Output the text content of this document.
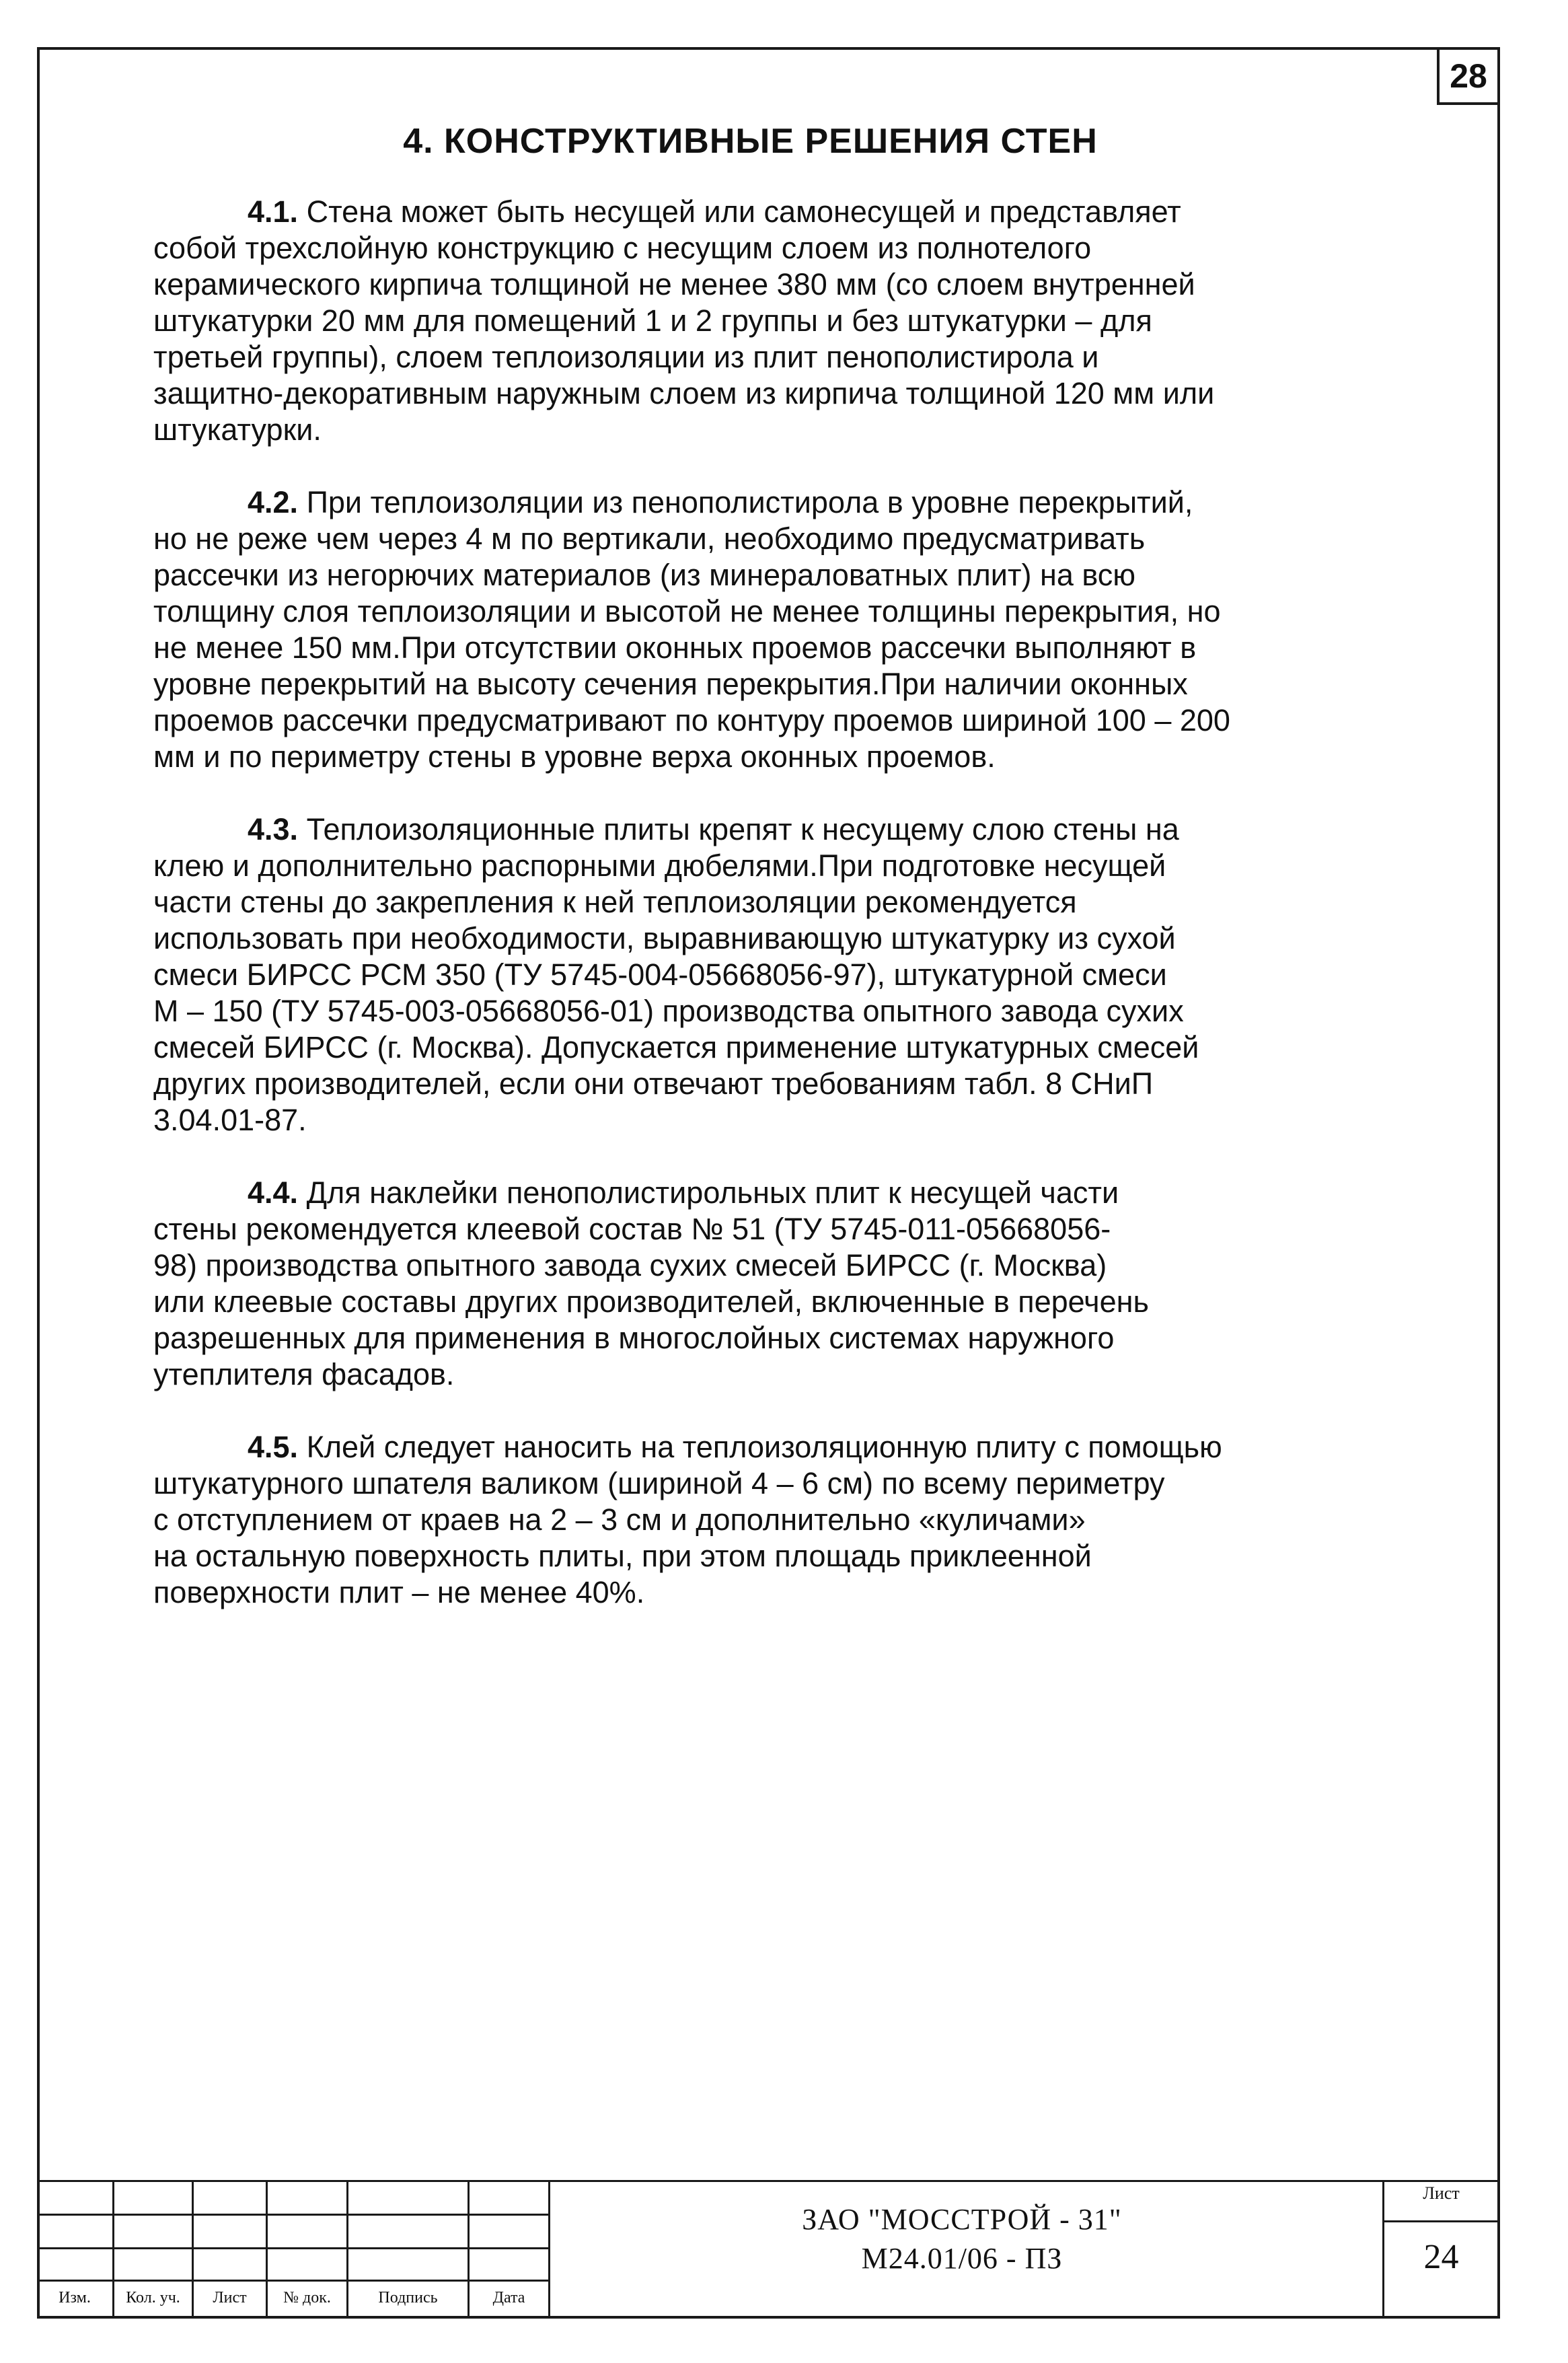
28
4. КОНСТРУКТИВНЫЕ РЕШЕНИЯ СТЕН
4.1. Стена может быть несущей или самонесущей и представляет
собой трехслойную конструкцию с несущим слоем из полнотелого
керамического кирпича толщиной не менее 380 мм (со слоем внутренней
штукатурки 20 мм для помещений 1 и 2 группы и без штукатурки – для
третьей группы), слоем теплоизоляции из плит пенополистирола и
защитно-декоративным наружным слоем из кирпича толщиной 120 мм или
штукатурки.
4.2. При теплоизоляции из пенополистирола в уровне перекрытий,
но не реже чем через 4 м по вертикали, необходимо предусматривать
рассечки из негорючих материалов (из минераловатных плит) на всю
толщину слоя теплоизоляции и высотой не менее толщины перекрытия, но
не менее 150 мм.При отсутствии оконных проемов рассечки выполняют в
уровне перекрытий на высоту сечения перекрытия.При наличии оконных
проемов рассечки предусматривают по контуру проемов шириной 100 – 200
мм и по периметру стены в уровне верха оконных проемов.
4.3. Теплоизоляционные плиты крепят к несущему слою стены на
клею и дополнительно распорными дюбелями.При подготовке несущей
части стены до закрепления к ней теплоизоляции рекомендуется
использовать при необходимости, выравнивающую штукатурку из сухой
смеси БИРСС РСМ 350 (ТУ 5745-004-05668056-97), штукатурной смеси
М – 150 (ТУ 5745-003-05668056-01) производства опытного завода сухих
смесей БИРСС (г. Москва). Допускается применение штукатурных смесей
других производителей, если они отвечают требованиям табл. 8 СНиП
3.04.01-87.
4.4. Для наклейки пенополистирольных плит к несущей части
стены рекомендуется клеевой состав № 51 (ТУ 5745-011-05668056-
98) производства опытного завода сухих смесей БИРСС (г. Москва)
или клеевые составы других производителей, включенные в перечень
разрешенных для применения в многослойных системах наружного
утеплителя фасадов.
4.5. Клей следует наносить на теплоизоляционную плиту с помощью
штукатурного шпателя валиком (шириной 4 – 6 см) по всему периметру
с отступлением от краев на 2 – 3 см и дополнительно «куличами»
на остальную поверхность плиты, при этом площадь приклеенной
поверхности плит – не менее 40%.
Изм.	Кол. уч.	Лист	№ док.	Подпись	Дата
ЗАО "МОССТРОЙ - 31"
М24.01/06 - ПЗ
Лист
24
